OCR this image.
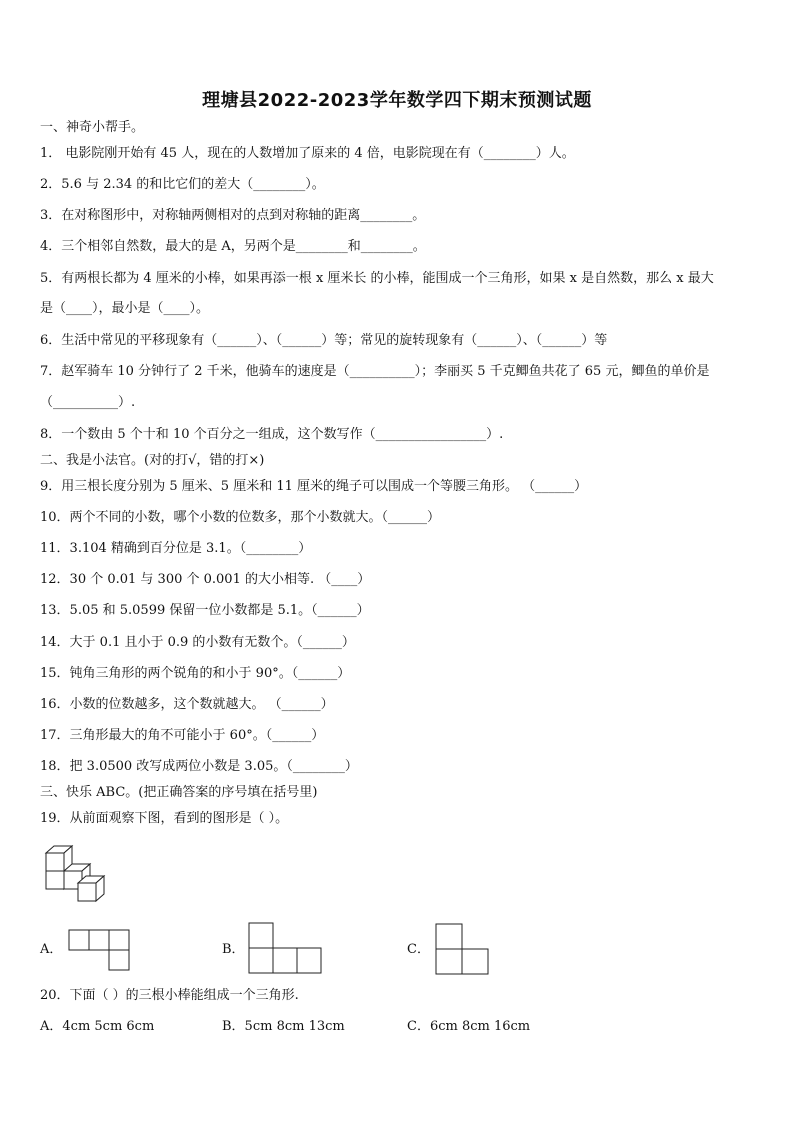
理塘县2022-2023学年数学四下期末预测试题
一、神奇小帮手。
1． 电影院刚开始有 45 人，现在的人数增加了原来的 4 倍，电影院现在有（________）人。
2．5.6 与 2.34 的和比它们的差大（________）。
3．在对称图形中，对称轴两侧相对的点到对称轴的距离________。
4．三个相邻自然数，最大的是 A，另两个是________和________。
5．有两根长都为 4 厘米的小棒，如果再添一根 x 厘米长 的小棒，能围成一个三角形，如果 x 是自然数，那么 x 最大
是（____），最小是（____）。
6．生活中常见的平移现象有（______）、（______）等；常见的旋转现象有（______）、（______）等
7．赵军骑车 10 分钟行了 2 千米，他骑车的速度是（__________）；李丽买 5 千克鲫鱼共花了 65 元，鲫鱼的单价是
（__________）.
8．一个数由 5 个十和 10 个百分之一组成，这个数写作（_________________）.
二、我是小法官。(对的打√，错的打×)
9．用三根长度分别为 5 厘米、5 厘米和 11 厘米的绳子可以围成一个等腰三角形。 （______）
10．两个不同的小数，哪个小数的位数多，那个小数就大。（______）
11．3.104 精确到百分位是 3.1。（________）
12．30 个 0.01 与 300 个 0.001 的大小相等. （____）
13．5.05 和 5.0599 保留一位小数都是 5.1。（______）
14．大于 0.1 且小于 0.9 的小数有无数个。（______）
15．钝角三角形的两个锐角的和小于 90°。（______）
16．小数的位数越多，这个数就越大。 （______）
17．三角形最大的角不可能小于 60°。（______）
18．把 3.0500 改写成两位小数是 3.05。（________）
三、快乐 ABC。(把正确答案的序号填在括号里)
19．从前面观察下图，看到的图形是（ ）。
A．	B．	C．
20．下面（ ）的三根小棒能组成一个三角形.
A．4cm 5cm 6cm	B．5cm 8cm 13cm	C．6cm 8cm 16cm
